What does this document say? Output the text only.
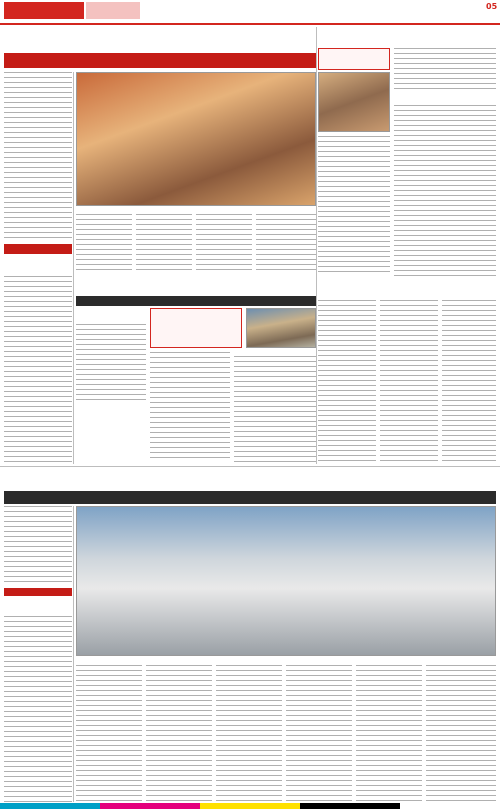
05
